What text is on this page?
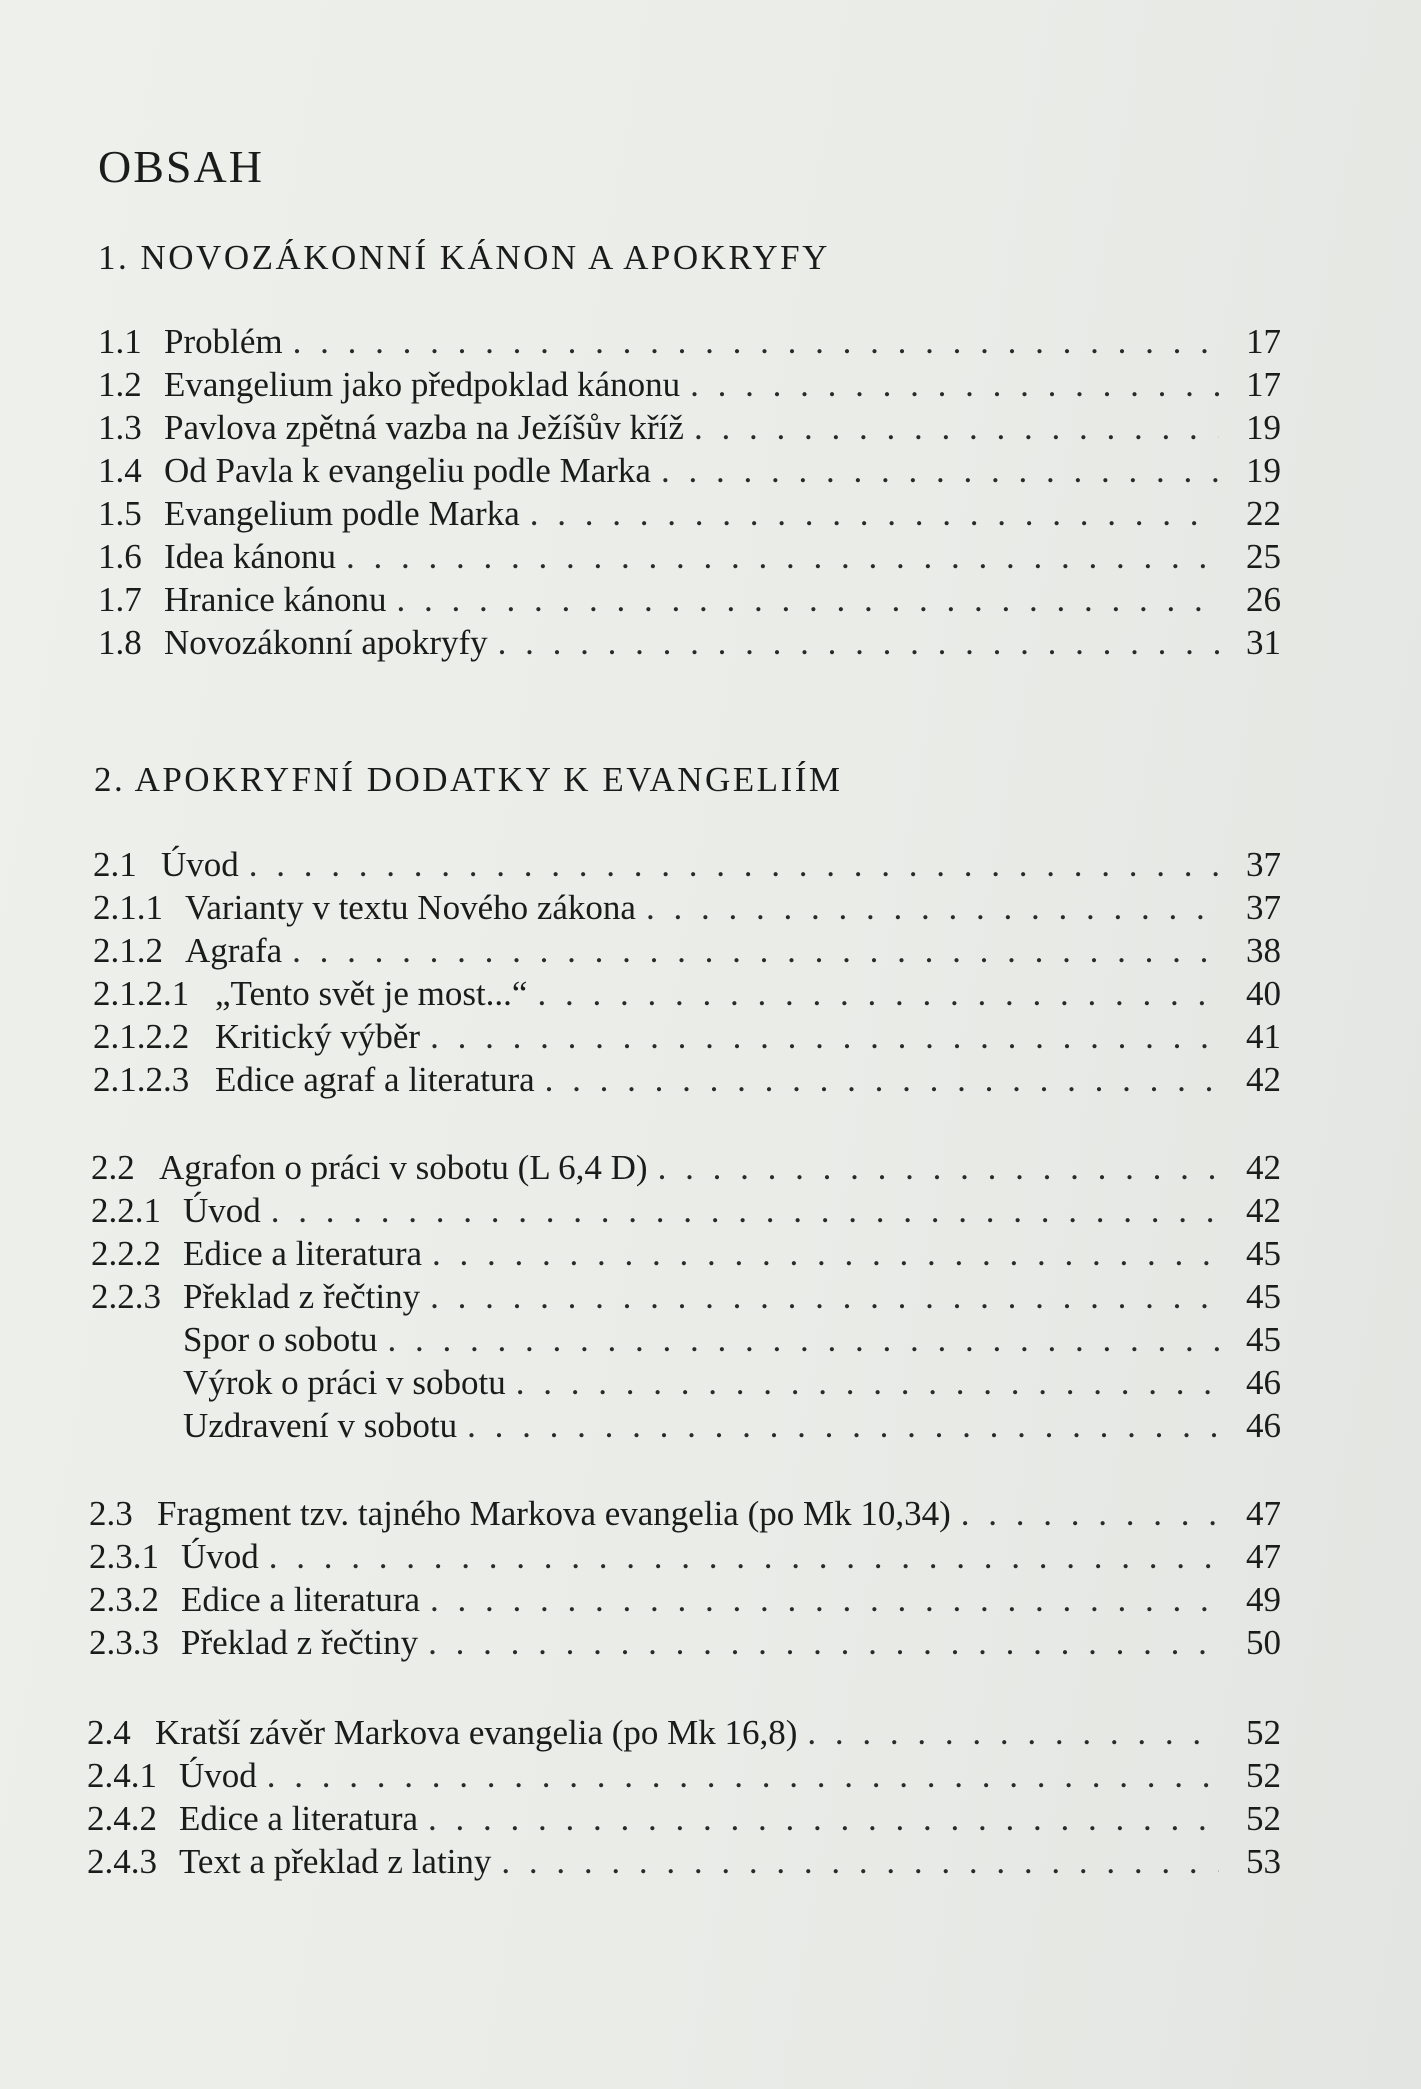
OBSAH
1. NOVOZÁKONNÍ KÁNON A APOKRYFY
1.1 Problém . . .	17
1.2 Evangelium jako předpoklad kánonu . . .	17
1.3 Pavlova zpětná vazba na Ježíšův kříž . . .	19
1.4 Od Pavla k evangeliu podle Marka . . .	19
1.5 Evangelium podle Marka . . .	22
1.6 Idea kánonu . . .	25
1.7 Hranice kánonu . . .	26
1.8 Novozákonní apokryfy . . .	31
2. APOKRYFNÍ DODATKY K EVANGELIÍM
2.1 Úvod . . .	37
2.1.1 Varianty v textu Nového zákona . . .	37
2.1.2 Agrafa . . .	38
2.1.2.1 „Tento svět je most...“ . . .	40
2.1.2.2 Kritický výběr . . .	41
2.1.2.3 Edice agraf a literatura . . .	42
2.2 Agrafon o práci v sobotu (L 6,4 D) . . .	42
2.2.1 Úvod . . .	42
2.2.2 Edice a literatura . . .	45
2.2.3 Překlad z řečtiny . . .	45
Spor o sobotu . . .	45
Výrok o práci v sobotu . . .	46
Uzdravení v sobotu . . .	46
2.3 Fragment tzv. tajného Markova evangelia (po Mk 10,34) . . .	47
2.3.1 Úvod . . .	47
2.3.2 Edice a literatura . . .	49
2.3.3 Překlad z řečtiny . . .	50
2.4 Kratší závěr Markova evangelia (po Mk 16,8) . . .	52
2.4.1 Úvod . . .	52
2.4.2 Edice a literatura . . .	52
2.4.3 Text a překlad z latiny . . .	53
